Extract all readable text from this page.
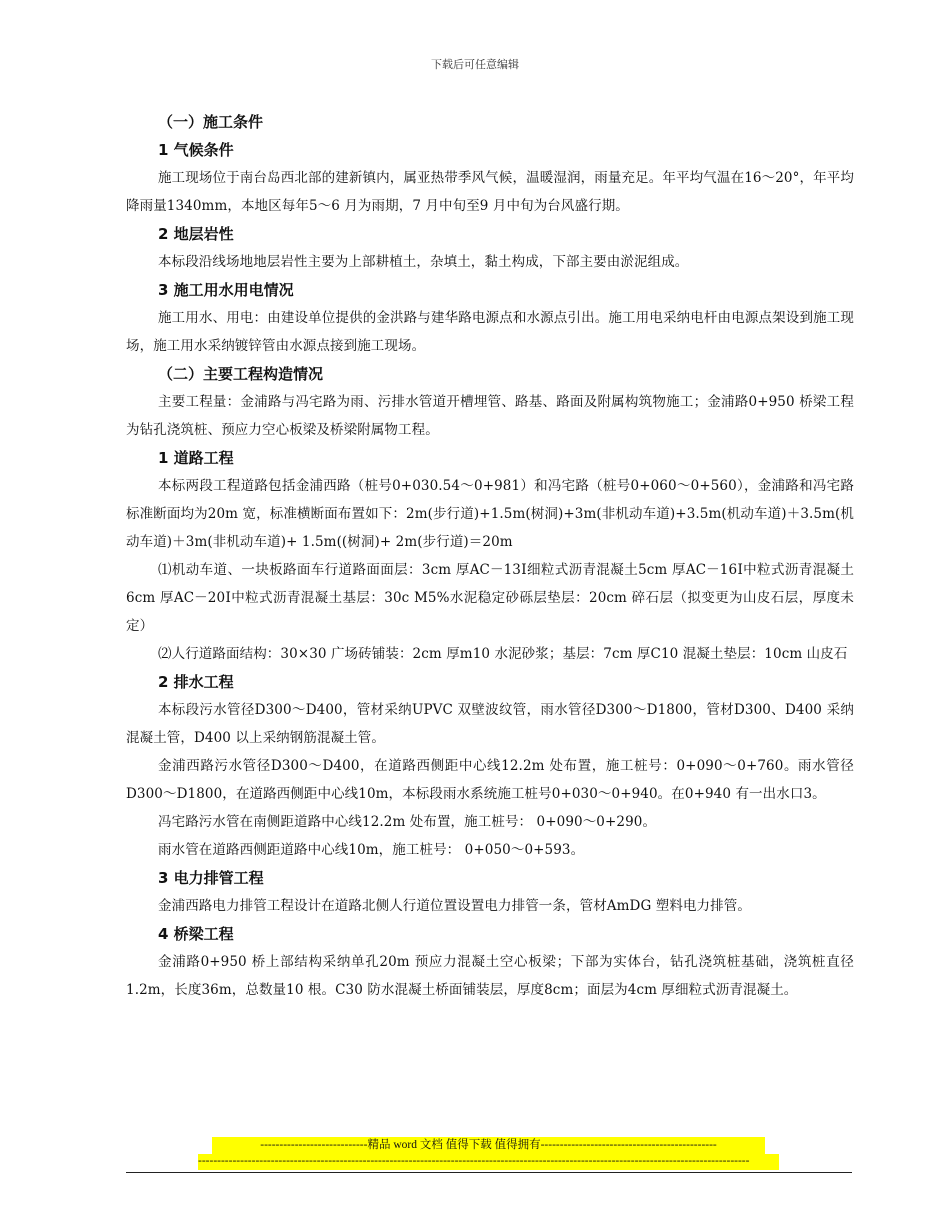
下载后可任意编辑

（一）施工条件

1 气候条件

施工现场位于南台岛西北部的建新镇内，属亚热带季风气候，温暖湿润，雨量充足。年平均气温在16～20°，年平均降雨量1340mm，本地区每年5～6 月为雨期，7 月中旬至9 月中旬为台风盛行期。

2 地层岩性

本标段沿线场地地层岩性主要为上部耕植土，杂填土，黏土构成，下部主要由淤泥组成。

3 施工用水用电情况

施工用水、用电：由建设单位提供的金洪路与建华路电源点和水源点引出。施工用电采纳电杆由电源点架设到施工现场，施工用水采纳镀锌管由水源点接到施工现场。

（二）主要工程构造情况

主要工程量：金浦路与冯宅路为雨、污排水管道开槽埋管、路基、路面及附属构筑物施工；金浦路0+950 桥梁工程为钻孔浇筑桩、预应力空心板梁及桥梁附属物工程。

1 道路工程

本标两段工程道路包括金浦西路（桩号0+030.54～0+981）和冯宅路（桩号0+060～0+560），金浦路和冯宅路标准断面均为20m 宽，标准横断面布置如下：2m(步行道)+1.5m(树洞)+3m(非机动车道)+3.5m(机动车道)＋3.5m(机动车道)＋3m(非机动车道)+ 1.5m((树洞)+ 2m(步行道)＝20m

⑴机动车道、一块板路面车行道路面面层：3cm 厚AC－13Ⅰ细粒式沥青混凝土5cm 厚AC－16Ⅰ中粒式沥青混凝土6cm 厚AC－20Ⅰ中粒式沥青混凝土基层：30c M5%水泥稳定砂砾层垫层：20cm 碎石层（拟变更为山皮石层，厚度未定）

⑵人行道路面结构：30×30 广场砖铺装：2cm 厚m10 水泥砂浆；基层：7cm 厚C10 混凝土垫层：10cm 山皮石

2 排水工程

本标段污水管径D300～D400，管材采纳UPVC 双壁波纹管，雨水管径D300～D1800，管材D300、D400 采纳混凝土管，D400 以上采纳钢筋混凝土管。

金浦西路污水管径D300～D400，在道路西侧距中心线12.2m 处布置，施工桩号：0+090～0+760。雨水管径D300～D1800，在道路西侧距中心线10m，本标段雨水系统施工桩号0+030～0+940。在0+940 有一出水口3。

冯宅路污水管在南侧距道路中心线12.2m 处布置，施工桩号： 0+090～0+290。

雨水管在道路西侧距道路中心线10m，施工桩号： 0+050～0+593。

3 电力排管工程

金浦西路电力排管工程设计在道路北侧人行道位置设置电力排管一条，管材AmDG 塑料电力排管。

4 桥梁工程

金浦路0+950 桥上部结构采纳单孔20m 预应力混凝土空心板梁；下部为实体台，钻孔浇筑桩基础，浇筑桩直径1.2m，长度36m，总数量10 根。C30 防水混凝土桥面铺装层，厚度8cm；面层为4cm 厚细粒式沥青混凝土。

----------------------------精品 word 文档 值得下载 值得拥有----------------------------------------------
------------------------------------------------------------------------------------------------------------------------------------------------
